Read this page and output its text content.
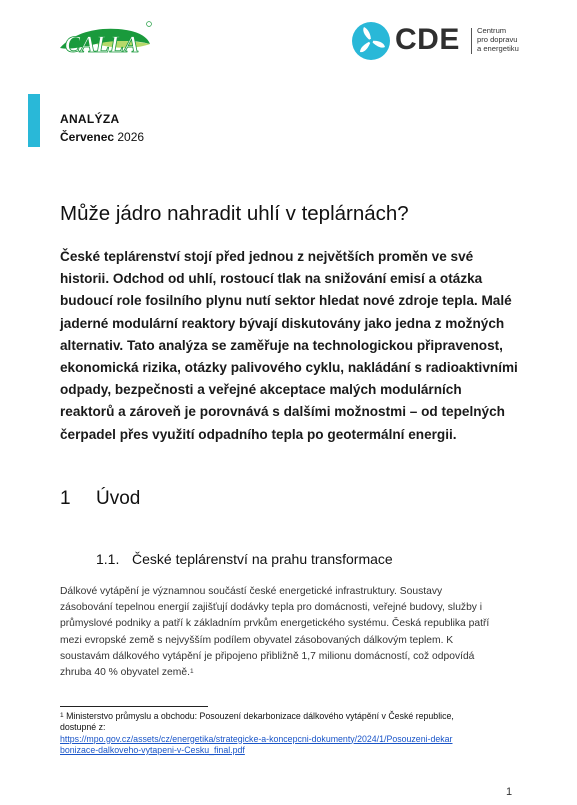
CALLA	CDE Centrum
pro dopravu
a energetiku
ANALÝZA
Červenec 2026
Může jádro nahradit uhlí v teplárnách?
České teplárenství stojí před jednou z největších proměn ve své
historii. Odchod od uhlí, rostoucí tlak na snižování emisí a otázka
budoucí role fosilního plynu nutí sektor hledat nové zdroje tepla. Malé
jaderné modulární reaktory bývají diskutovány jako jedna z možných
alternativ. Tato analýza se zaměřuje na technologickou připravenost,
ekonomická rizika, otázky palivového cyklu, nakládání s radioaktivními
odpady, bezpečnosti a veřejné akceptace malých modulárních
reaktorů a zároveň je porovnává s dalšími možnostmi – od tepelných
čerpadel přes využití odpadního tepla po geotermální energii.
1 Úvod
1.1. České teplárenství na prahu transformace
Dálkové vytápění je významnou součástí české energetické infrastruktury. Soustavy
zásobování tepelnou energií zajišťují dodávky tepla pro domácnosti, veřejné budovy, služby i
průmyslové podniky a patří k základním prvkům energetického systému. Česká republika patří
mezi evropské země s nejvyšším podílem obyvatel zásobovaných dálkovým teplem. K
soustavám dálkového vytápění je připojeno přibližně 1,7 milionu domácností, což odpovídá
zhruba 40 % obyvatel země.$^1$
$^1$ Ministerstvo průmyslu a obchodu: Posouzení dekarbonizace dálkového vytápění v České republice,
dostupné z:
https://mpo.gov.cz/assets/cz/energetika/strategicke-a-koncepcni-dokumenty/2024/1/Posouzeni-dekar
bonizace-dalkoveho-vytapeni-v-Cesku_final.pdf
1
